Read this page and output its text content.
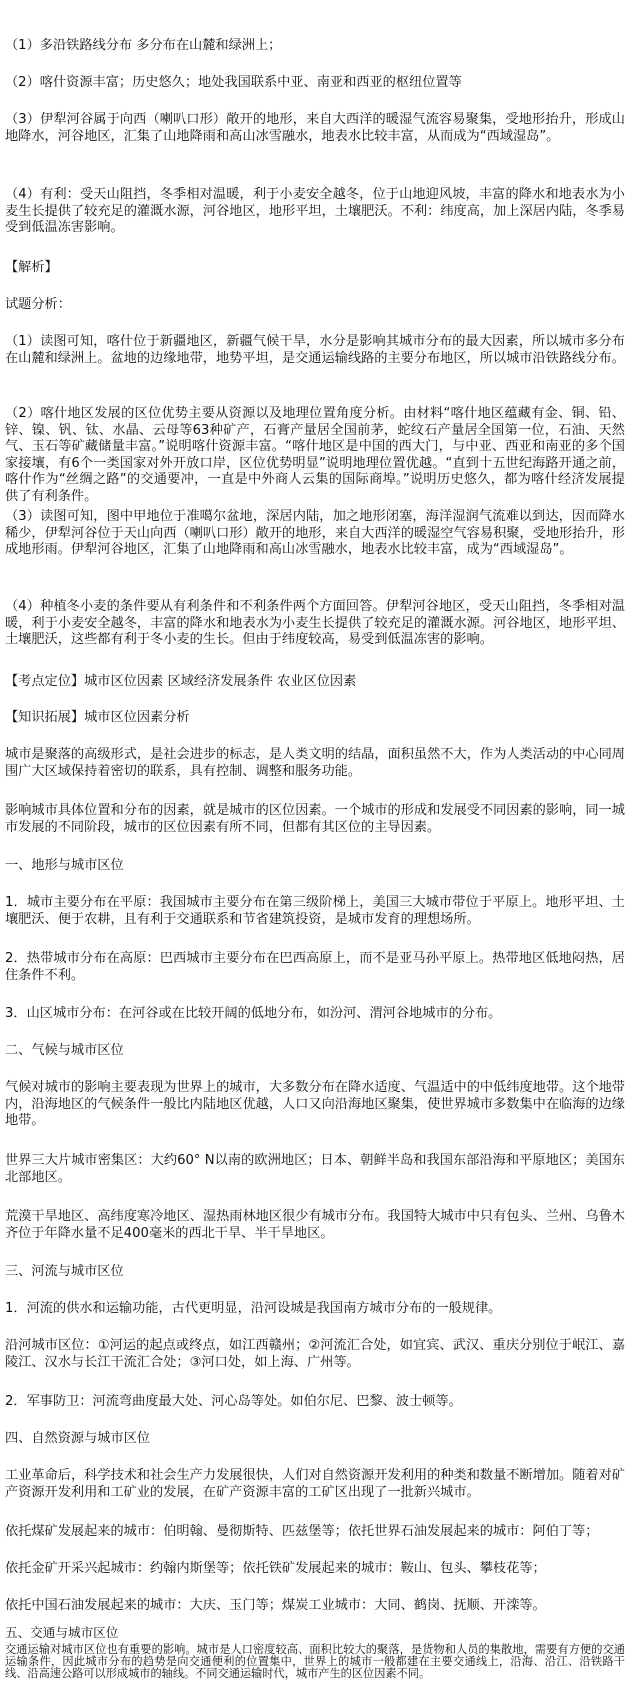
（1）多沿铁路线分布 多分布在山麓和绿洲上；

（2）喀什资源丰富；历史悠久；地处我国联系中亚、南亚和西亚的枢纽位置等

（3）伊犁河谷属于向西（喇叭口形）敞开的地形，来自大西洋的暖湿气流容易聚集，受地形抬升，形成山地降水，河谷地区，汇集了山地降雨和高山冰雪融水，地表水比较丰富，从而成为“西域湿岛”。

（4）有利：受天山阻挡，冬季相对温暖，利于小麦安全越冬，位于山地迎风坡，丰富的降水和地表水为小麦生长提供了较充足的灌溉水源，河谷地区，地形平坦，土壤肥沃。不利：纬度高，加上深居内陆，冬季易受到低温冻害影响。

【解析】

试题分析：

（1）读图可知，喀什位于新疆地区，新疆气候干旱，水分是影响其城市分布的最大因素，所以城市多分布在山麓和绿洲上。盆地的边缘地带，地势平坦，是交通运输线路的主要分布地区，所以城市沿铁路线分布。

（2）喀什地区发展的区位优势主要从资源以及地理位置角度分析。由材料“喀什地区蕴藏有金、铜、铅、锌、镍、钒、钛、水晶、云母等63种矿产，石膏产量居全国前茅，蛇纹石产量居全国第一位，石油、天然气、玉石等矿藏储量丰富。”说明喀什资源丰富。“喀什地区是中国的西大门，与中亚、西亚和南亚的多个国家接壤，有6个一类国家对外开放口岸，区位优势明显”说明地理位置优越。“直到十五世纪海路开通之前，喀什作为“丝绸之路”的交通要冲，一直是中外商人云集的国际商埠。”说明历史悠久，都为喀什经济发展提供了有利条件。

（3）读图可知，图中甲地位于准噶尔盆地，深居内陆，加之地形闭塞，海洋湿润气流难以到达，因而降水稀少，伊犁河谷位于天山向西（喇叭口形）敞开的地形，来自大西洋的暖湿空气容易积聚，受地形抬升，形成地形雨。伊犁河谷地区，汇集了山地降雨和高山冰雪融水，地表水比较丰富，成为“西域湿岛”。

（4）种植冬小麦的条件要从有利条件和不利条件两个方面回答。伊犁河谷地区，受天山阻挡，冬季相对温暖，利于小麦安全越冬，丰富的降水和地表水为小麦生长提供了较充足的灌溉水源。河谷地区，地形平坦、土壤肥沃，这些都有利于冬小麦的生长。但由于纬度较高，易受到低温冻害的影响。

【考点定位】城市区位因素 区域经济发展条件 农业区位因素

【知识拓展】城市区位因素分析

城市是聚落的高级形式，是社会进步的标志，是人类文明的结晶，面积虽然不大，作为人类活动的中心同周围广大区域保持着密切的联系，具有控制、调整和服务功能。

影响城市具体位置和分布的因素，就是城市的区位因素。一个城市的形成和发展受不同因素的影响，同一城市发展的不同阶段，城市的区位因素有所不同，但都有其区位的主导因素。

一、地形与城市区位

1．城市主要分布在平原：我国城市主要分布在第三级阶梯上，美国三大城市带位于平原上。地形平坦、土壤肥沃、便于农耕，且有利于交通联系和节省建筑投资，是城市发育的理想场所。

2．热带城市分布在高原：巴西城市主要分布在巴西高原上，而不是亚马孙平原上。热带地区低地闷热，居住条件不利。

3．山区城市分布：在河谷或在比较开阔的低地分布，如汾河、渭河谷地城市的分布。

二、气候与城市区位

气候对城市的影响主要表现为世界上的城市，大多数分布在降水适度、气温适中的中低纬度地带。这个地带内，沿海地区的气候条件一般比内陆地区优越，人口又向沿海地区聚集，使世界城市多数集中在临海的边缘地带。

世界三大片城市密集区：大约60° N以南的欧洲地区；日本、朝鲜半岛和我国东部沿海和平原地区；美国东北部地区。

荒漠干旱地区、高纬度寒冷地区、湿热雨林地区很少有城市分布。我国特大城市中只有包头、兰州、乌鲁木齐位于年降水量不足400毫米的西北干旱、半干旱地区。

三、河流与城市区位

1．河流的供水和运输功能，古代更明显，沿河设城是我国南方城市分布的一般规律。

沿河城市区位：①河运的起点或终点，如江西赣州；②河流汇合处，如宜宾、武汉、重庆分别位于岷江、嘉陵江、汉水与长江干流汇合处；③河口处，如上海、广州等。

2．军事防卫：河流弯曲度最大处、河心岛等处。如伯尔尼、巴黎、波士顿等。

四、自然资源与城市区位

工业革命后，科学技术和社会生产力发展很快，人们对自然资源开发利用的种类和数量不断增加。随着对矿产资源开发利用和工矿业的发展，在矿产资源丰富的工矿区出现了一批新兴城市。

依托煤矿发展起来的城市：伯明翰、曼彻斯特、匹兹堡等；依托世界石油发展起来的城市：阿伯丁等；

依托金矿开采兴起城市：约翰内斯堡等；依托铁矿发展起来的城市：鞍山、包头、攀枝花等；

依托中国石油发展起来的城市：大庆、玉门等；煤炭工业城市：大同、鹤岗、抚顺、开滦等。

五、交通与城市区位

交通运输对城市区位也有重要的影响。城市是人口密度较高、面积比较大的聚落，是货物和人员的集散地，需要有方便的交通运输条件，因此城市分布的趋势是向交通便利的位置集中，世界上的城市一般都建在主要交通线上，沿海、沿江、沿铁路干线、沿高速公路可以形成城市的轴线。不同交通运输时代，城市产生的区位因素不同。
